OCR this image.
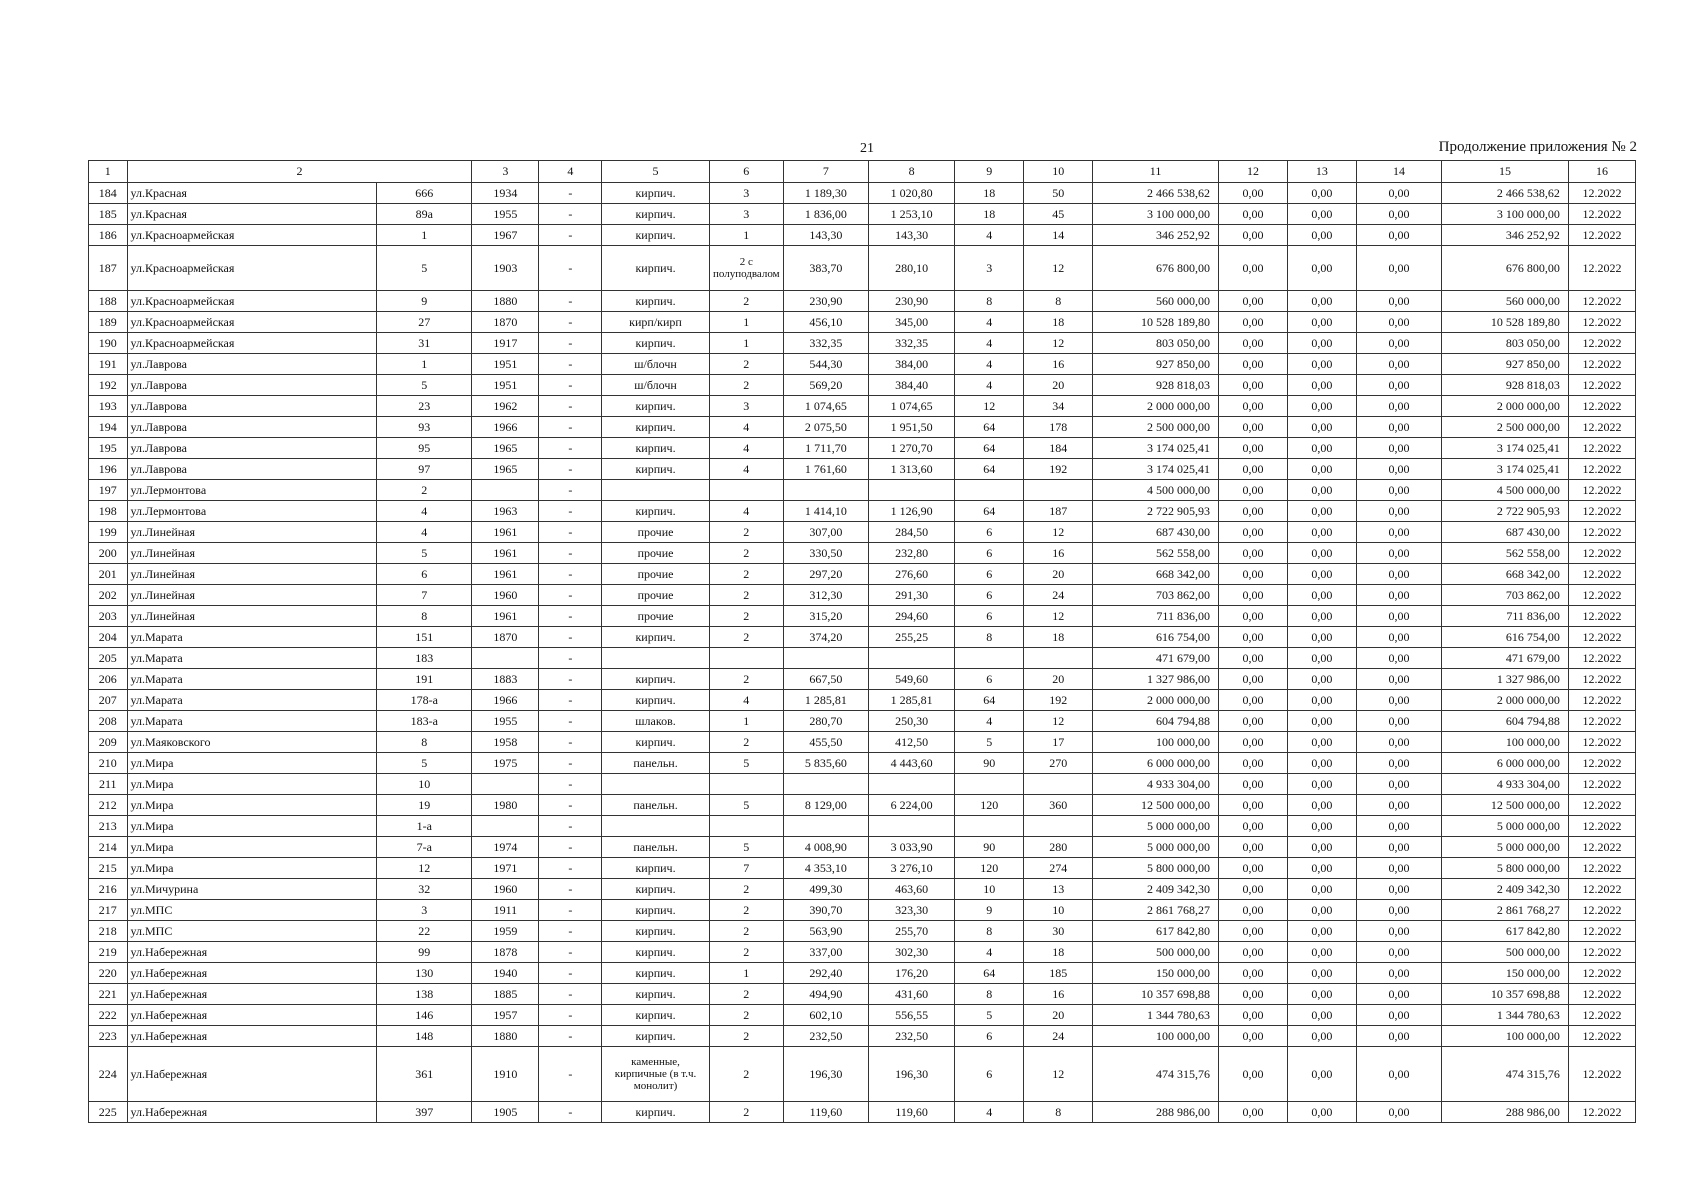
21	Продолжение приложения № 2
1	2		3	4	5	6	7	8	9	10	11	12	13	14	15	16
184	ул.Красная	666	1934	-	кирпич.	3	1 189,30	1 020,80	18	50	2 466 538,62	0,00	0,00	0,00	2 466 538,62	12.2022
185	ул.Красная	89а	1955	-	кирпич.	3	1 836,00	1 253,10	18	45	3 100 000,00	0,00	0,00	0,00	3 100 000,00	12.2022
186	ул.Красноармейская	1	1967	-	кирпич.	1	143,30	143,30	4	14	346 252,92	0,00	0,00	0,00	346 252,92	12.2022
187	ул.Красноармейская	5	1903	-	кирпич.	2 с полуподвалом	383,70	280,10	3	12	676 800,00	0,00	0,00	0,00	676 800,00	12.2022
188	ул.Красноармейская	9	1880	-	кирпич.	2	230,90	230,90	8	8	560 000,00	0,00	0,00	0,00	560 000,00	12.2022
189	ул.Красноармейская	27	1870	-	кирп/кирп	1	456,10	345,00	4	18	10 528 189,80	0,00	0,00	0,00	10 528 189,80	12.2022
190	ул.Красноармейская	31	1917	-	кирпич.	1	332,35	332,35	4	12	803 050,00	0,00	0,00	0,00	803 050,00	12.2022
191	ул.Лаврова	1	1951	-	ш/блочн	2	544,30	384,00	4	16	927 850,00	0,00	0,00	0,00	927 850,00	12.2022
192	ул.Лаврова	5	1951	-	ш/блочн	2	569,20	384,40	4	20	928 818,03	0,00	0,00	0,00	928 818,03	12.2022
193	ул.Лаврова	23	1962	-	кирпич.	3	1 074,65	1 074,65	12	34	2 000 000,00	0,00	0,00	0,00	2 000 000,00	12.2022
194	ул.Лаврова	93	1966	-	кирпич.	4	2 075,50	1 951,50	64	178	2 500 000,00	0,00	0,00	0,00	2 500 000,00	12.2022
195	ул.Лаврова	95	1965	-	кирпич.	4	1 711,70	1 270,70	64	184	3 174 025,41	0,00	0,00	0,00	3 174 025,41	12.2022
196	ул.Лаврова	97	1965	-	кирпич.	4	1 761,60	1 313,60	64	192	3 174 025,41	0,00	0,00	0,00	3 174 025,41	12.2022
197	ул.Лермонтова	2		-							4 500 000,00	0,00	0,00	0,00	4 500 000,00	12.2022
198	ул.Лермонтова	4	1963	-	кирпич.	4	1 414,10	1 126,90	64	187	2 722 905,93	0,00	0,00	0,00	2 722 905,93	12.2022
199	ул.Линейная	4	1961	-	прочие	2	307,00	284,50	6	12	687 430,00	0,00	0,00	0,00	687 430,00	12.2022
200	ул.Линейная	5	1961	-	прочие	2	330,50	232,80	6	16	562 558,00	0,00	0,00	0,00	562 558,00	12.2022
201	ул.Линейная	6	1961	-	прочие	2	297,20	276,60	6	20	668 342,00	0,00	0,00	0,00	668 342,00	12.2022
202	ул.Линейная	7	1960	-	прочие	2	312,30	291,30	6	24	703 862,00	0,00	0,00	0,00	703 862,00	12.2022
203	ул.Линейная	8	1961	-	прочие	2	315,20	294,60	6	12	711 836,00	0,00	0,00	0,00	711 836,00	12.2022
204	ул.Марата	151	1870	-	кирпич.	2	374,20	255,25	8	18	616 754,00	0,00	0,00	0,00	616 754,00	12.2022
205	ул.Марата	183		-							471 679,00	0,00	0,00	0,00	471 679,00	12.2022
206	ул.Марата	191	1883	-	кирпич.	2	667,50	549,60	6	20	1 327 986,00	0,00	0,00	0,00	1 327 986,00	12.2022
207	ул.Марата	178-а	1966	-	кирпич.	4	1 285,81	1 285,81	64	192	2 000 000,00	0,00	0,00	0,00	2 000 000,00	12.2022
208	ул.Марата	183-а	1955	-	шлаков.	1	280,70	250,30	4	12	604 794,88	0,00	0,00	0,00	604 794,88	12.2022
209	ул.Маяковского	8	1958	-	кирпич.	2	455,50	412,50	5	17	100 000,00	0,00	0,00	0,00	100 000,00	12.2022
210	ул.Мира	5	1975	-	панельн.	5	5 835,60	4 443,60	90	270	6 000 000,00	0,00	0,00	0,00	6 000 000,00	12.2022
211	ул.Мира	10		-							4 933 304,00	0,00	0,00	0,00	4 933 304,00	12.2022
212	ул.Мира	19	1980	-	панельн.	5	8 129,00	6 224,00	120	360	12 500 000,00	0,00	0,00	0,00	12 500 000,00	12.2022
213	ул.Мира	1-а		-							5 000 000,00	0,00	0,00	0,00	5 000 000,00	12.2022
214	ул.Мира	7-а	1974	-	панельн.	5	4 008,90	3 033,90	90	280	5 000 000,00	0,00	0,00	0,00	5 000 000,00	12.2022
215	ул.Мира	12	1971	-	кирпич.	7	4 353,10	3 276,10	120	274	5 800 000,00	0,00	0,00	0,00	5 800 000,00	12.2022
216	ул.Мичурина	32	1960	-	кирпич.	2	499,30	463,60	10	13	2 409 342,30	0,00	0,00	0,00	2 409 342,30	12.2022
217	ул.МПС	3	1911	-	кирпич.	2	390,70	323,30	9	10	2 861 768,27	0,00	0,00	0,00	2 861 768,27	12.2022
218	ул.МПС	22	1959	-	кирпич.	2	563,90	255,70	8	30	617 842,80	0,00	0,00	0,00	617 842,80	12.2022
219	ул.Набережная	99	1878	-	кирпич.	2	337,00	302,30	4	18	500 000,00	0,00	0,00	0,00	500 000,00	12.2022
220	ул.Набережная	130	1940	-	кирпич.	1	292,40	176,20	64	185	150 000,00	0,00	0,00	0,00	150 000,00	12.2022
221	ул.Набережная	138	1885	-	кирпич.	2	494,90	431,60	8	16	10 357 698,88	0,00	0,00	0,00	10 357 698,88	12.2022
222	ул.Набережная	146	1957	-	кирпич.	2	602,10	556,55	5	20	1 344 780,63	0,00	0,00	0,00	1 344 780,63	12.2022
223	ул.Набережная	148	1880	-	кирпич.	2	232,50	232,50	6	24	100 000,00	0,00	0,00	0,00	100 000,00	12.2022
224	ул.Набережная	361	1910	-	каменные, кирпичные (в т.ч. монолит)	2	196,30	196,30	6	12	474 315,76	0,00	0,00	0,00	474 315,76	12.2022
225	ул.Набережная	397	1905	-	кирпич.	2	119,60	119,60	4	8	288 986,00	0,00	0,00	0,00	288 986,00	12.2022
